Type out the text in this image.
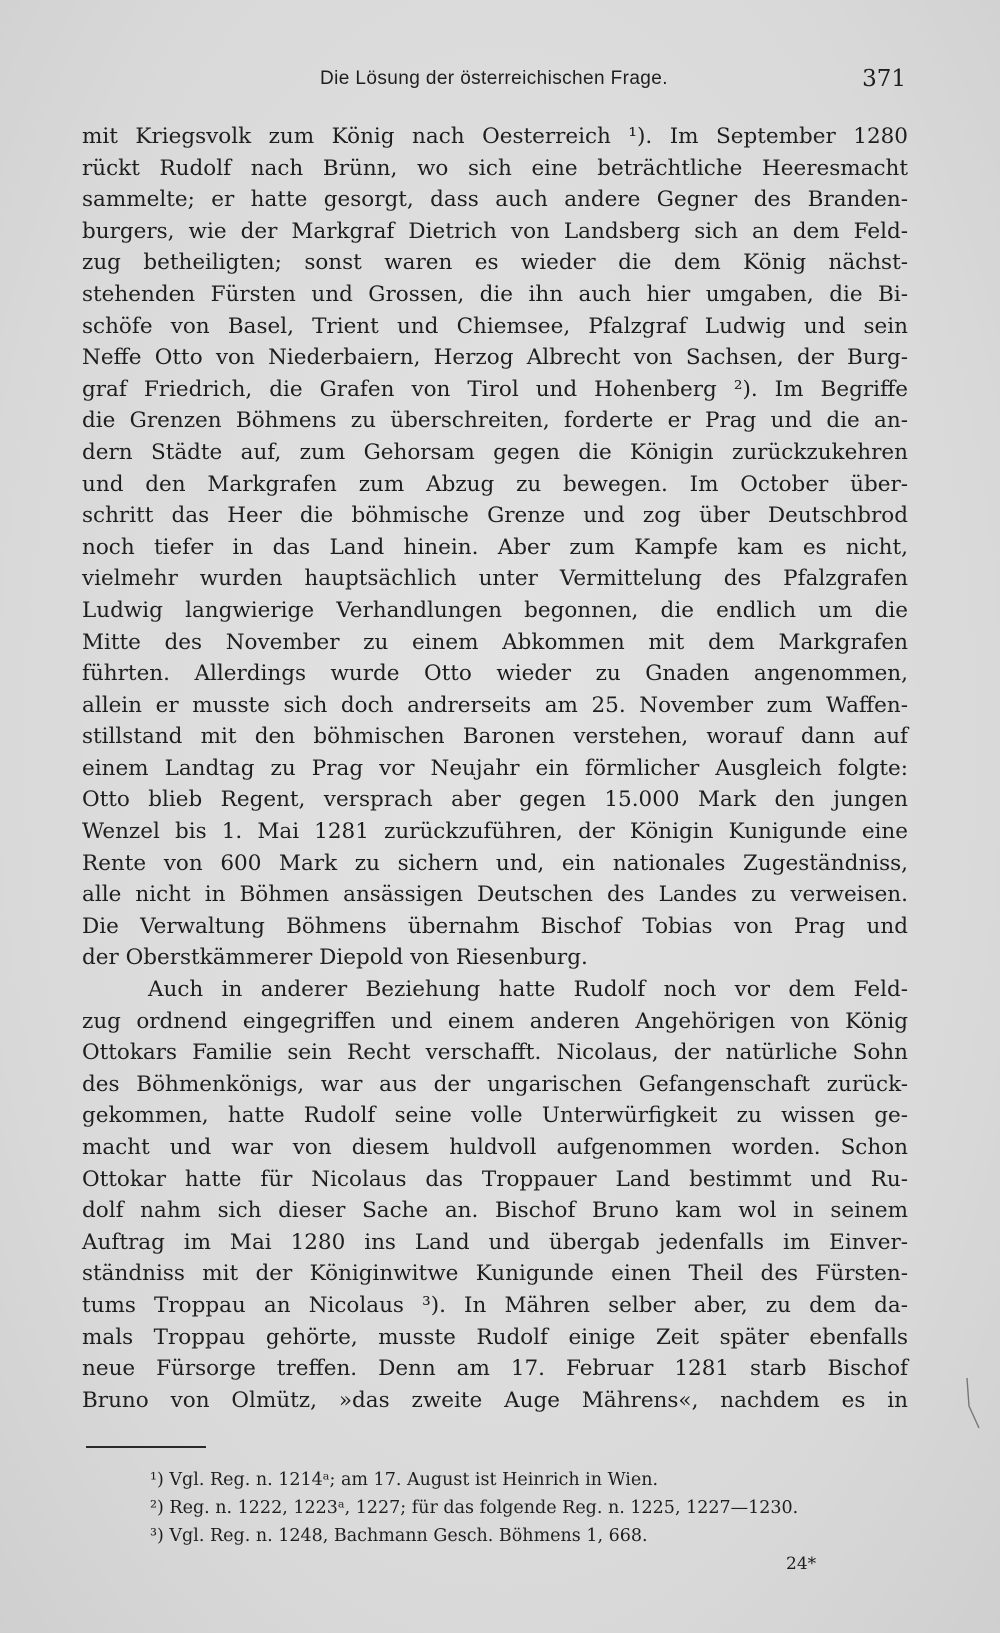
Die Lösung der österreichischen Frage.	371
mit Kriegsvolk zum König nach Oesterreich ¹). Im September 1280
rückt Rudolf nach Brünn, wo sich eine beträchtliche Heeresmacht
sammelte; er hatte gesorgt, dass auch andere Gegner des Branden-
burgers, wie der Markgraf Dietrich von Landsberg sich an dem Feld-
zug betheiligten; sonst waren es wieder die dem König nächst-
stehenden Fürsten und Grossen, die ihn auch hier umgaben, die Bi-
schöfe von Basel, Trient und Chiemsee, Pfalzgraf Ludwig und sein
Neffe Otto von Niederbaiern, Herzog Albrecht von Sachsen, der Burg-
graf Friedrich, die Grafen von Tirol und Hohenberg ²). Im Begriffe
die Grenzen Böhmens zu überschreiten, forderte er Prag und die an-
dern Städte auf, zum Gehorsam gegen die Königin zurückzukehren
und den Markgrafen zum Abzug zu bewegen. Im October über-
schritt das Heer die böhmische Grenze und zog über Deutschbrod
noch tiefer in das Land hinein. Aber zum Kampfe kam es nicht,
vielmehr wurden hauptsächlich unter Vermittelung des Pfalzgrafen
Ludwig langwierige Verhandlungen begonnen, die endlich um die
Mitte des November zu einem Abkommen mit dem Markgrafen
führten. Allerdings wurde Otto wieder zu Gnaden angenommen,
allein er musste sich doch andrerseits am 25. November zum Waffen-
stillstand mit den böhmischen Baronen verstehen, worauf dann auf
einem Landtag zu Prag vor Neujahr ein förmlicher Ausgleich folgte:
Otto blieb Regent, versprach aber gegen 15.000 Mark den jungen
Wenzel bis 1. Mai 1281 zurückzuführen, der Königin Kunigunde eine
Rente von 600 Mark zu sichern und, ein nationales Zugeständniss,
alle nicht in Böhmen ansässigen Deutschen des Landes zu verweisen.
Die Verwaltung Böhmens übernahm Bischof Tobias von Prag und
der Oberstkämmerer Diepold von Riesenburg.
Auch in anderer Beziehung hatte Rudolf noch vor dem Feld-
zug ordnend eingegriffen und einem anderen Angehörigen von König
Ottokars Familie sein Recht verschafft. Nicolaus, der natürliche Sohn
des Böhmenkönigs, war aus der ungarischen Gefangenschaft zurück-
gekommen, hatte Rudolf seine volle Unterwürfigkeit zu wissen ge-
macht und war von diesem huldvoll aufgenommen worden. Schon
Ottokar hatte für Nicolaus das Troppauer Land bestimmt und Ru-
dolf nahm sich dieser Sache an. Bischof Bruno kam wol in seinem
Auftrag im Mai 1280 ins Land und übergab jedenfalls im Einver-
ständniss mit der Königinwitwe Kunigunde einen Theil des Fürsten-
tums Troppau an Nicolaus ³). In Mähren selber aber, zu dem da-
mals Troppau gehörte, musste Rudolf einige Zeit später ebenfalls
neue Fürsorge treffen. Denn am 17. Februar 1281 starb Bischof
Bruno von Olmütz, »das zweite Auge Mährens«, nachdem es in
¹) Vgl. Reg. n. 1214ᵃ; am 17. August ist Heinrich in Wien.
²) Reg. n. 1222, 1223ᵃ, 1227; für das folgende Reg. n. 1225, 1227—1230.
³) Vgl. Reg. n. 1248, Bachmann Gesch. Böhmens 1, 668.
24*
